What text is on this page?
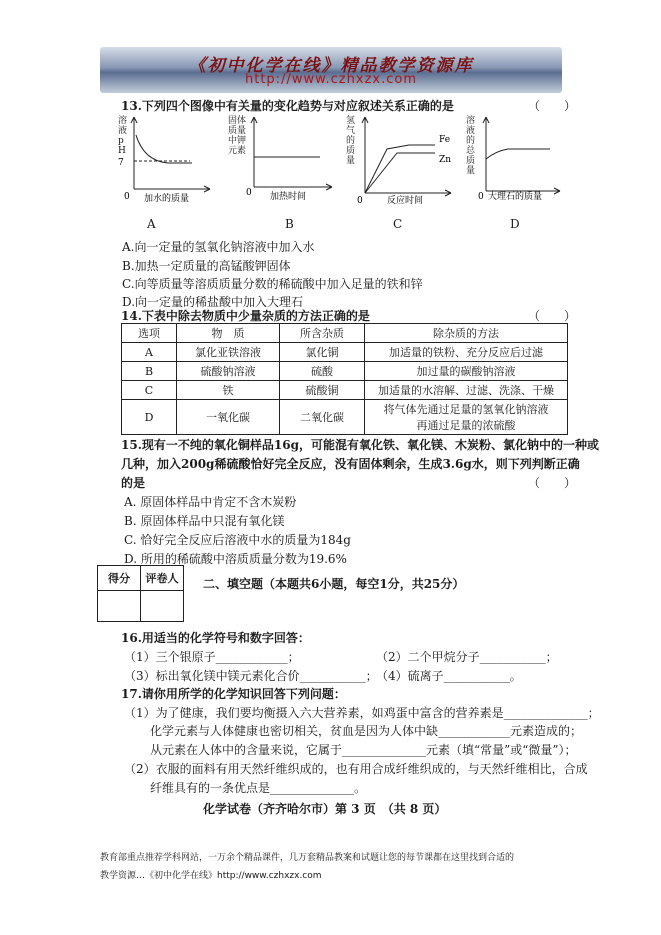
《初中化学在线》精品教学资源库
http://www.czhxzx.com
13.下列四个图像中有关量的变化趋势与对应叙述关系正确的是	（　　）
7
0 加水的质量
0 加热时间
Fe
Zn
0	反应时间	0 大理石的质量
溶液pH
固体质量中钾元素
氢气的质量
溶液的总质量
A	B	C	D
A.向一定量的氢氧化钠溶液中加入水
B.加热一定质量的高锰酸钾固体
C.向等质量等溶质质量分数的稀硫酸中加入足量的铁和锌
D.向一定量的稀盐酸中加入大理石
14.下表中除去物质中少量杂质的方法正确的是	（　　）
选项	物　质	所含杂质	除杂质的方法
A	氯化亚铁溶液	氯化铜	加适量的铁粉、充分反应后过滤
B	硫酸钠溶液	硫酸	加过量的碳酸钠溶液
C	铁	硫酸铜	加适量的水溶解、过滤、洗涤、干燥
D	一氧化碳	二氧化碳	将气体先通过足量的氢氧化钠溶液
再通过足量的浓硫酸
15.现有一不纯的氧化铜样品16g，可能混有氧化铁、氧化镁、木炭粉、氯化钠中的一种或
几种，加入200g稀硫酸恰好完全反应，没有固体剩余，生成3.6g水，则下列判断正确
的是	（　　）
A. 原固体样品中肯定不含木炭粉
B. 原固体样品中只混有氧化镁
C. 恰好完全反应后溶液中水的质量为184g
D. 所用的稀硫酸中溶质质量分数为19.6%
得分	评卷人
	二、填空题（本题共6小题，每空1分，共25分）
16.用适当的化学符号和数字回答：
（1）三个银原子____________；	（2）二个甲烷分子___________；
（3）标出氧化镁中镁元素化合价___________；
（4）硫离子___________。
17.请你用所学的化学知识回答下列问题：
（1）为了健康，我们要均衡摄入六大营养素，如鸡蛋中富含的营养素是______________；
化学元素与人体健康也密切相关，贫血是因为人体中缺____________元素造成的；
从元素在人体中的含量来说，它属于______________元素（填“常量”或“微量”）；
（2）衣服的面料有用天然纤维织成的，也有用合成纤维织成的，与天然纤维相比，合成
纤维具有的一条优点是______________。
化学试卷（齐齐哈尔市）第 3 页　（共 8 页）
教育部重点推荐学科网站，一万余个精品课件，几万套精品教案和试题让您的每节课都在这里找到合适的
教学资源…《初中化学在线》http://www.czhxzx.com
